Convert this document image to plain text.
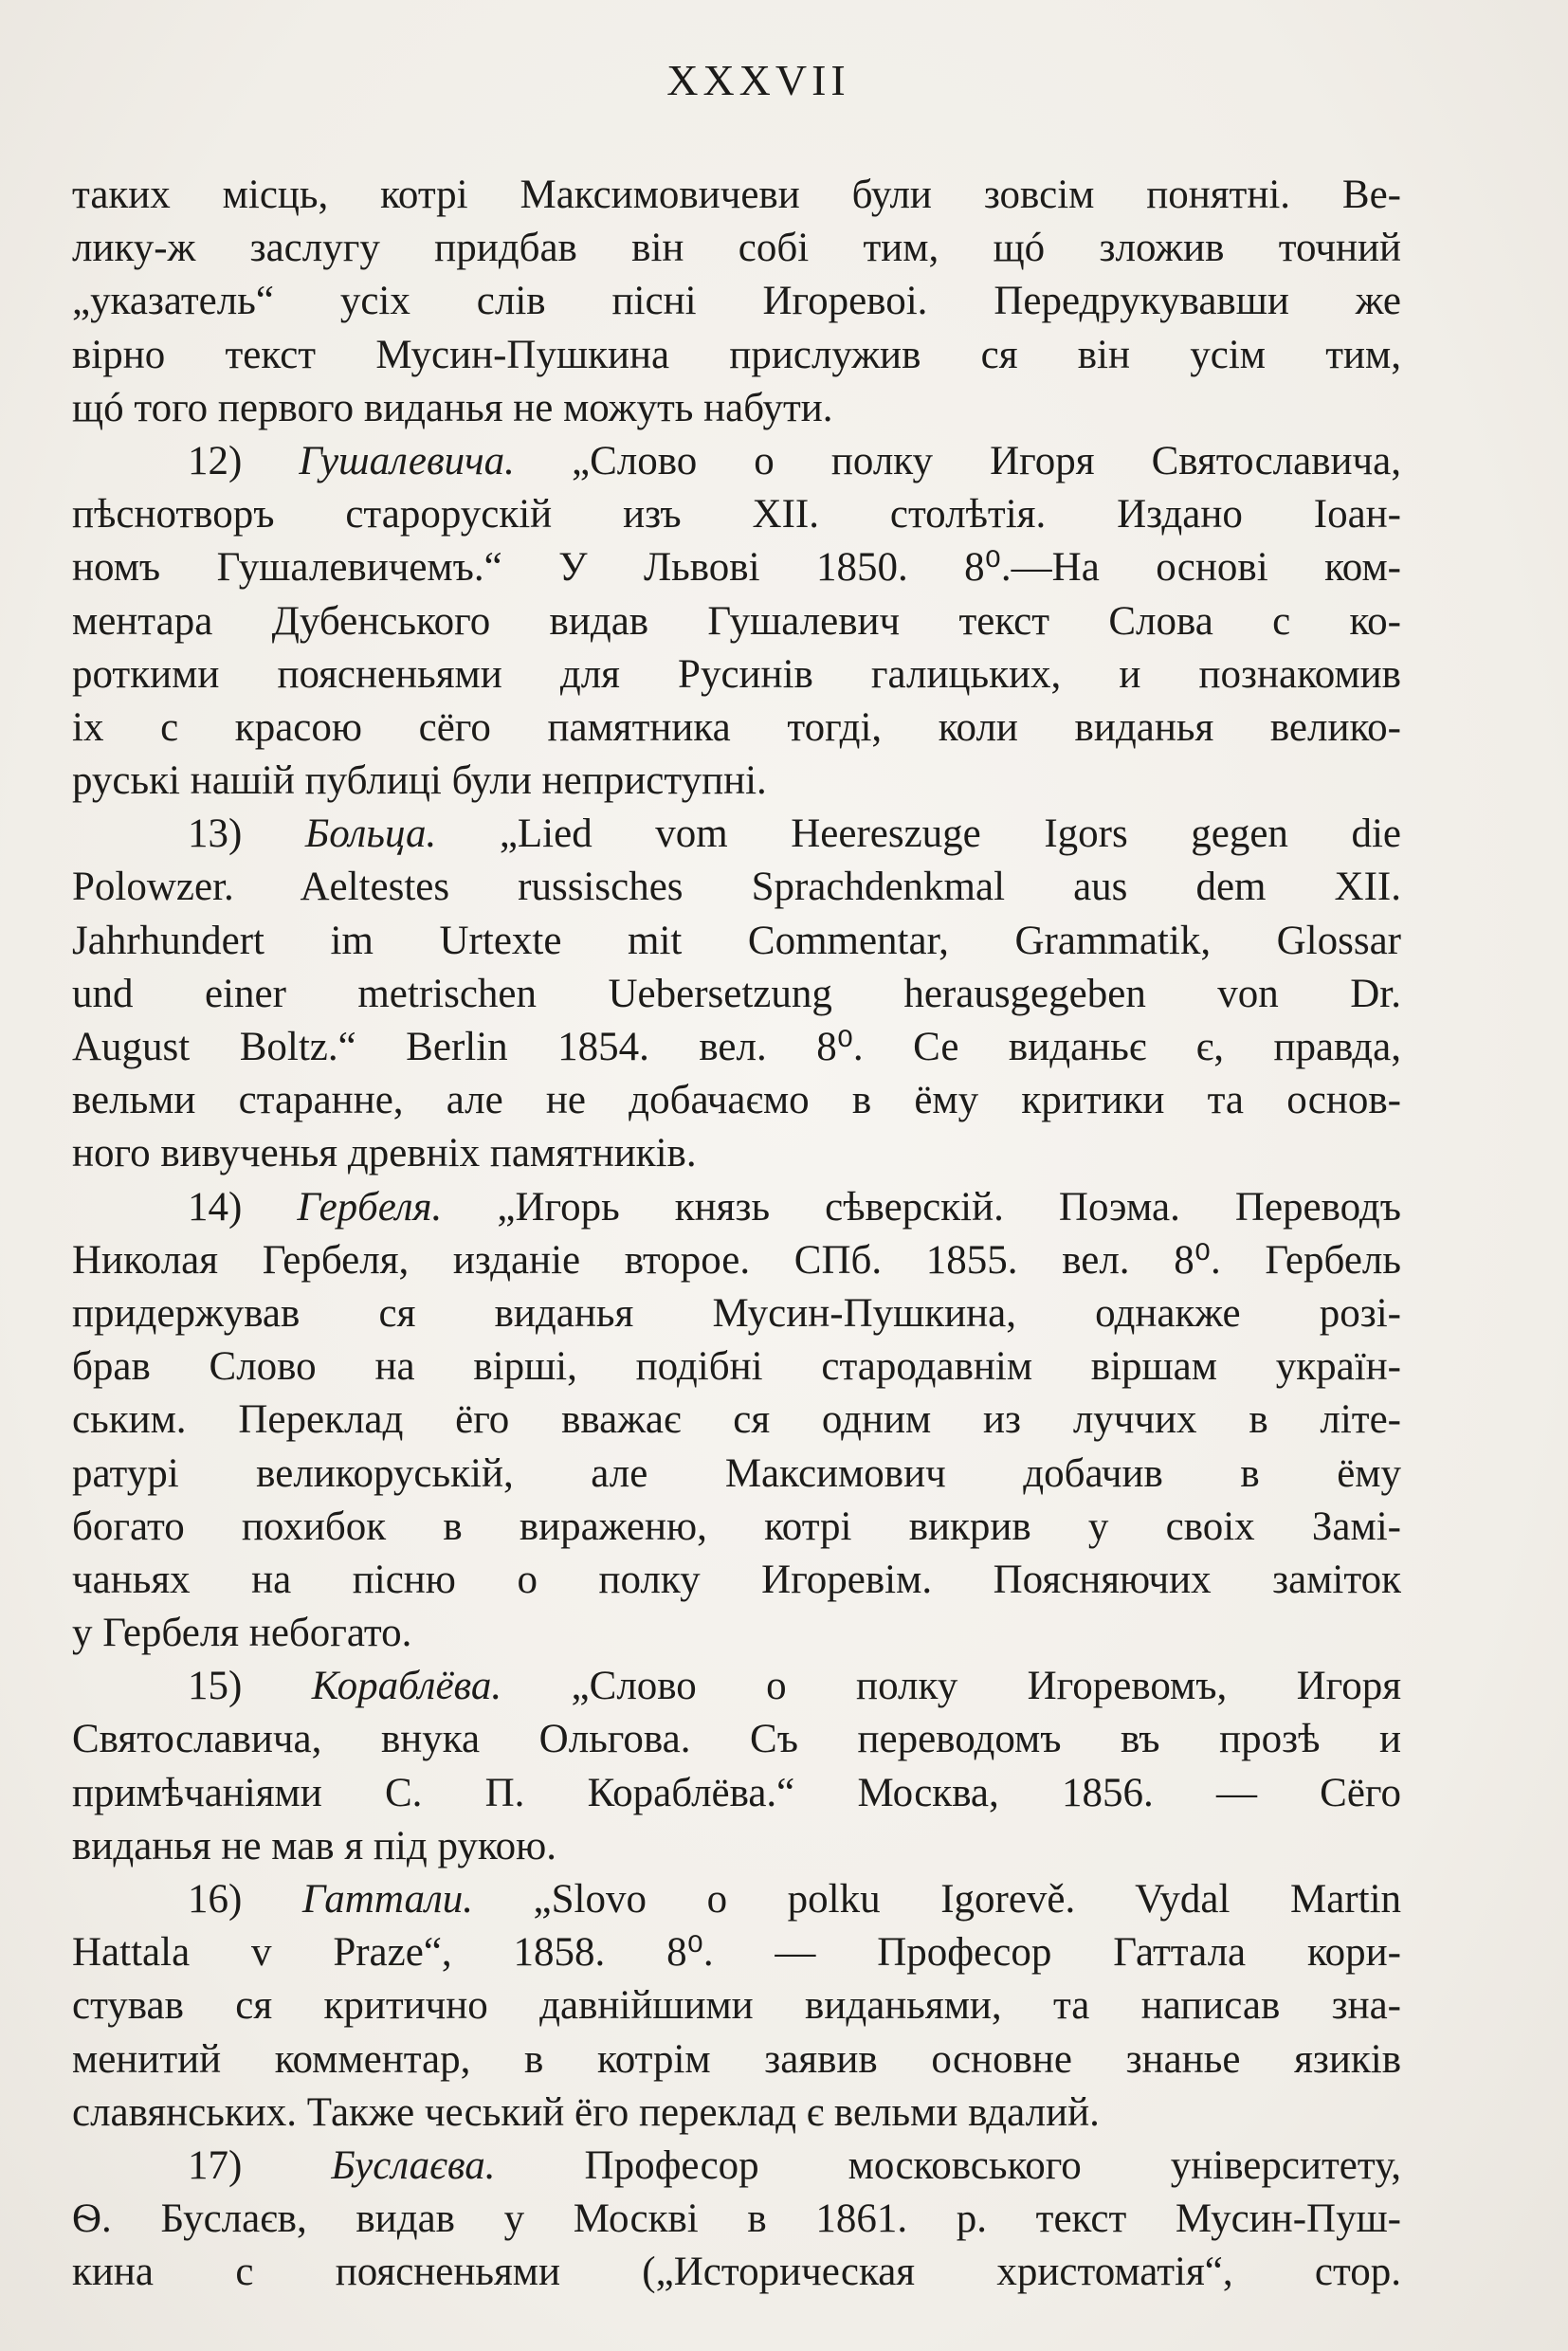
XXXVII
таких місць, котрі Максимовичеви були зовсім понятні. Ве-
лику-ж заслугу придбав він собі тим, щó зложив точний
„указатель“ усіх слів пісні Игоревоі. Передрукувавши же
вірно текст Мусин-Пушкина прислужив ся він усім тим,
щó того первого виданья не можуть набути.
12) Гушалевича. „Слово о полку Игоря Святославича,
пѣснотворъ старорускій изъ XII. столѣтія. Издано Іоан-
номъ Гушалевичемъ.“ У Львові 1850. 8⁰.—На основі ком-
ментара Дубенського видав Гушалевич текст Слова с ко-
роткими поясненьями для Русинів галицьких, и познакомив
іх с красою сёго памятника тогді, коли виданья велико-
руські нашій публиці були неприступні.
13) Больца. „Lied vom Heereszuge Igors gegen die
Polowzer. Aeltestes russisches Sprachdenkmal aus dem XII.
Jahrhundert im Urtexte mit Commentar, Grammatik, Glossar
und einer metrischen Uebersetzung herausgegeben von Dr.
August Boltz.“ Berlin 1854. вел. 8⁰. Се виданьє є, правда,
вельми старанне, але не добачаємо в ёму критики та основ-
ного вивученья древніх памятників.
14) Гербеля. „Игорь князь сѣверскій. Поэма. Переводъ
Николая Гербеля, изданіе второе. СПб. 1855. вел. 8⁰. Гербель
придержував ся виданья Мусин-Пушкина, однакже розі-
брав Слово на вірші, подібні стародавнім віршам україн-
ським. Переклад ёго вважає ся одним из луччих в літе-
ратурі великоруській, але Максимович добачив в ёму
богато похибок в вираженю, котрі викрив у своіх Замі-
чаньях на пісню о полку Игоревім. Поясняючих заміток
у Гербеля небогато.
15) Кораблёва. „Слово о полку Игоревомъ, Игоря
Святославича, внука Ольгова. Съ переводомъ въ прозѣ и
примѣчаніями С. П. Кораблёва.“ Москва, 1856. — Сёго
виданья не мав я під рукою.
16) Гаттали. „Slovo o polku Igorevě. Vydal Martin
Hattala v Praze“, 1858. 8⁰. — Професор Гаттала кори-
стував ся критично давнійшими виданьями, та написав зна-
менитий комментар, в котрім заявив основне знанье язиків
славянських. Также чеський ёго переклад є вельми вдалий.
17) Буслаєва. Професор московського університету,
Ѳ. Буслаєв, видав у Москві в 1861. р. текст Мусин-Пуш-
кина с поясненьями („Историческая христоматія“, стор.
